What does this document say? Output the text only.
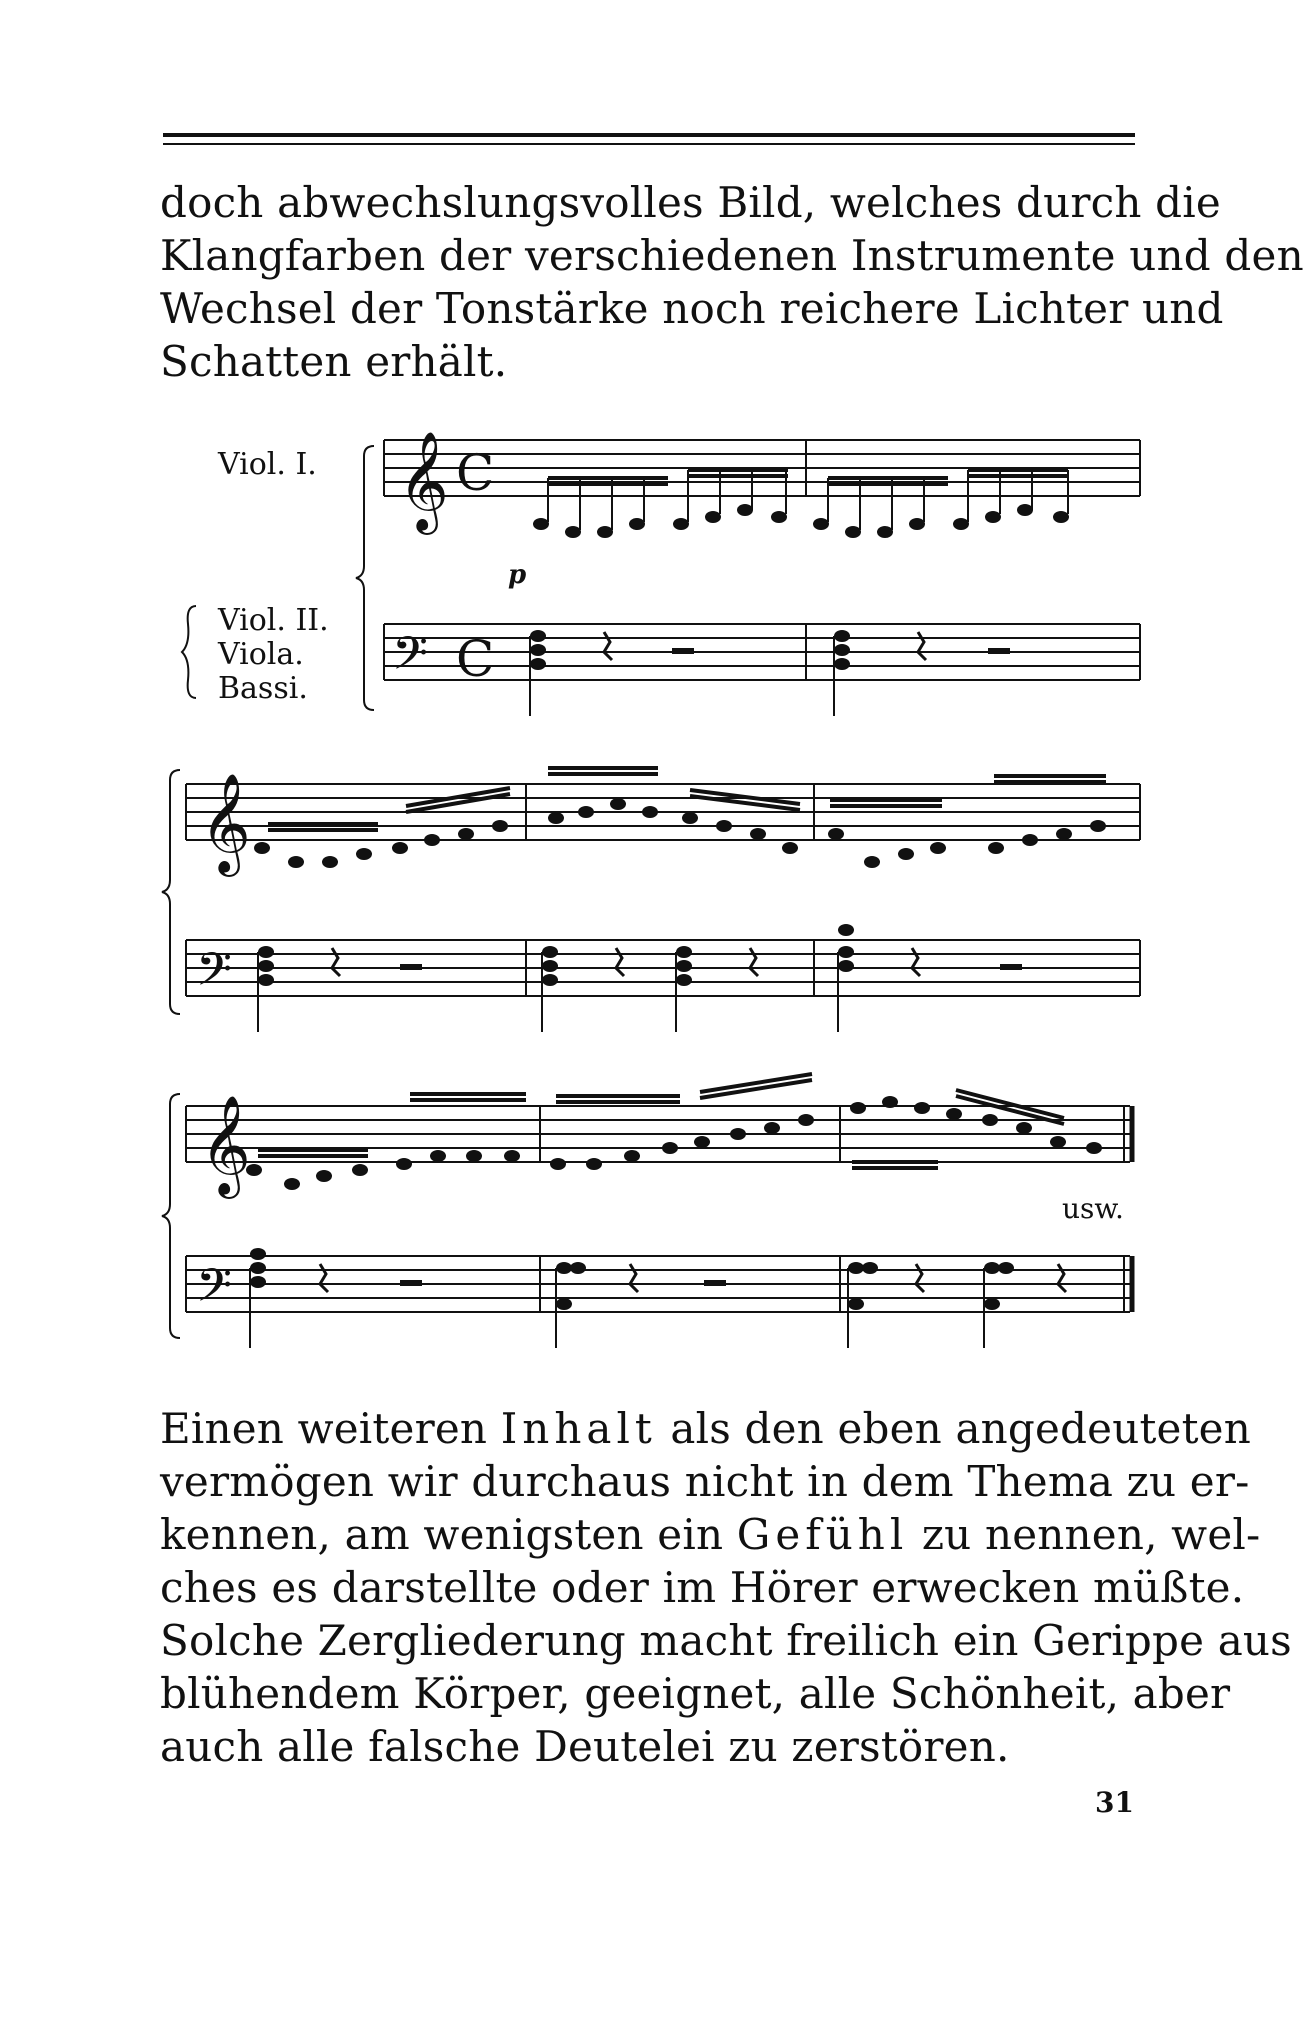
doch abwechslungsvolles Bild, welches durch die
Klangfarben der verschiedenen Instrumente und den
Wechsel der Tonstärke noch reichere Lichter und
Schatten erhält.
Viol. I.
Viol. II.
Viola.
Bassi.
p
usw.
𝄞
𝄢
𝄞
𝄢
𝄞
𝄢
C
C
Einen weiteren Inhalt als den eben angedeuteten
vermögen wir durchaus nicht in dem Thema zu er-
kennen, am wenigsten ein Gefühl zu nennen, wel-
ches es darstellte oder im Hörer erwecken müßte.
Solche Zergliederung macht freilich ein Gerippe aus
blühendem Körper, geeignet, alle Schönheit, aber
auch alle falsche Deutelei zu zerstören.
31
